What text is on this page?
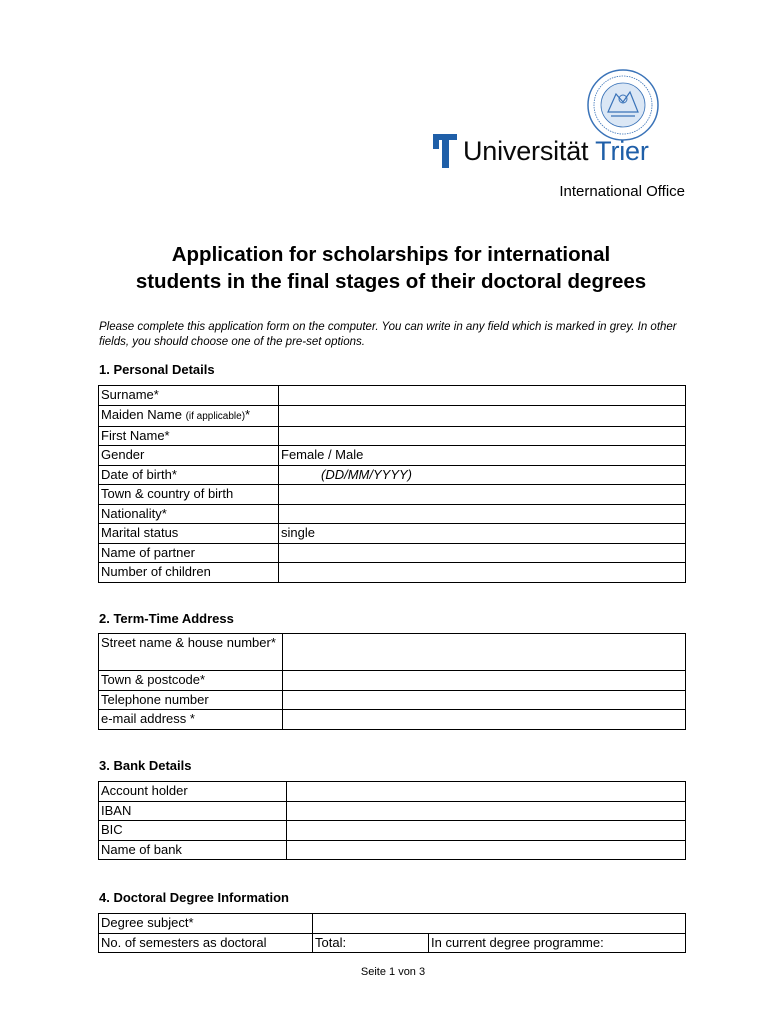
Universität Trier
International Office
Application for scholarships for international
students in the final stages of their doctoral degrees
Please complete this application form on the computer. You can write in any field which is marked in grey. In other fields, you should choose one of the pre-set options.
1. Personal Details
Surname*	
Maiden Name (if applicable)*	
First Name*	
Gender	Female / Male
Date of birth*	(DD/MM/YYYY)
Town & country of birth	
Nationality*	
Marital status	single
Name of partner	
Number of children	
2. Term-Time Address
Street name & house number*	
Town & postcode*	
Telephone number	
e-mail address *	
3. Bank Details
Account holder	
IBAN	
BIC	
Name of bank	
4. Doctoral Degree Information
Degree subject*		
No. of semesters as doctoral	Total:	In current degree programme:
Seite 1 von 3
